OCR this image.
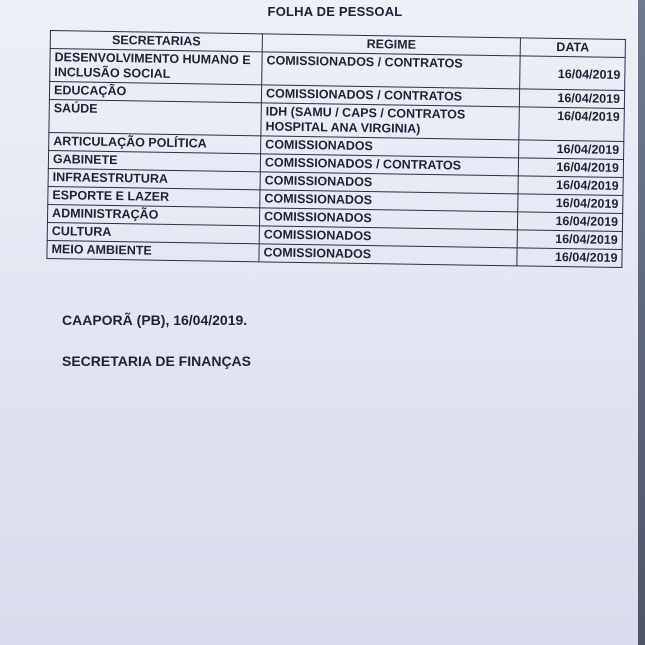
FOLHA DE PESSOAL
SECRETARIAS	REGIME	DATA
DESENVOLVIMENTO HUMANO E INCLUSÃO SOCIAL	COMISSIONADOS / CONTRATOS	16/04/2019
EDUCAÇÃO	COMISSIONADOS / CONTRATOS	16/04/2019
SAÚDE	IDH (SAMU / CAPS / CONTRATOS HOSPITAL ANA VIRGINIA)	16/04/2019
ARTICULAÇÃO POLÍTICA	COMISSIONADOS	16/04/2019
GABINETE	COMISSIONADOS / CONTRATOS	16/04/2019
INFRAESTRUTURA	COMISSIONADOS	16/04/2019
ESPORTE E LAZER	COMISSIONADOS	16/04/2019
ADMINISTRAÇÃO	COMISSIONADOS	16/04/2019
CULTURA	COMISSIONADOS	16/04/2019
MEIO AMBIENTE	COMISSIONADOS	16/04/2019
CAAPORÃ (PB), 16/04/2019.
SECRETARIA DE FINANÇAS
